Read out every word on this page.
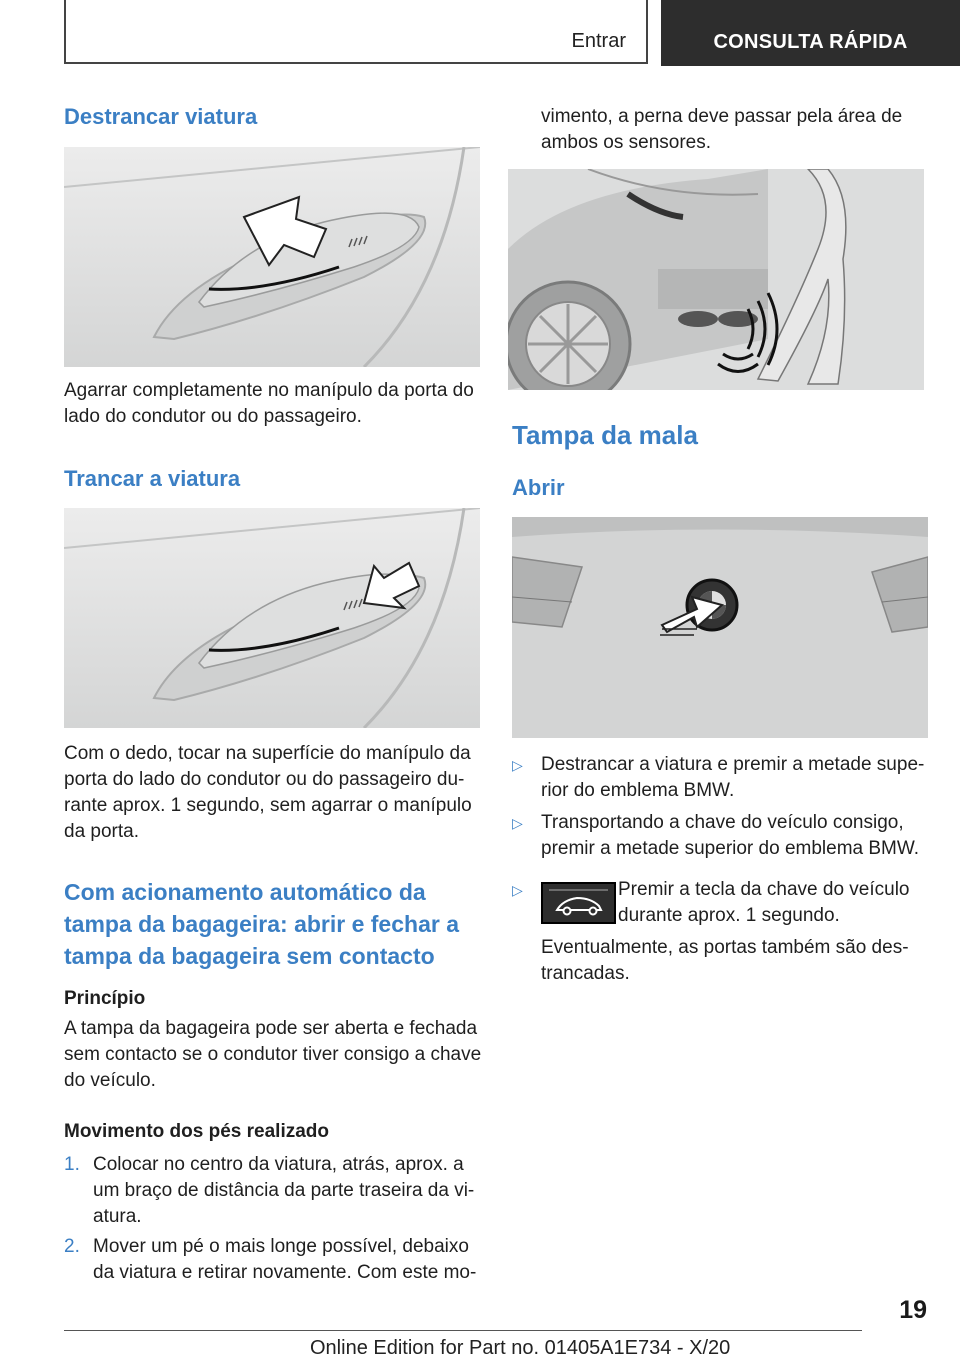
Entrar	CONSULTA RÁPIDA
Destrancar viatura

Agarrar completamente no manípulo da porta do lado do condutor ou do passageiro.

Trancar a viatura

Com o dedo, tocar na superfície do manípulo da porta do lado do condutor ou do passageiro du-rante aprox. 1 segundo, sem agarrar o manípulo da porta.

Com acionamento automático da tampa da bagageira: abrir e fechar a tampa da bagageira sem contacto

Princípio

A tampa da bagageira pode ser aberta e fechada sem contacto se o condutor tiver consigo a chave do veículo.

Movimento dos pés realizado

1. Colocar no centro da viatura, atrás, aprox. a um braço de distância da parte traseira da vi-atura.

2. Mover um pé o mais longe possível, debaixo da viatura e retirar novamente. Com este mo-

vimento, a perna deve passar pela área de ambos os sensores.

Tampa da mala
Abrir
▷ Destrancar a viatura e premir a metade supe-rior do emblema BMW.

▷ Transportando a chave do veículo consigo, premir a metade superior do emblema BMW.

▷	Premir a tecla da chave do veículo durante aprox. 1 segundo.

Eventualmente, as portas também são des-trancadas.

19
Online Edition for Part no. 01405A1E734 - X/20
